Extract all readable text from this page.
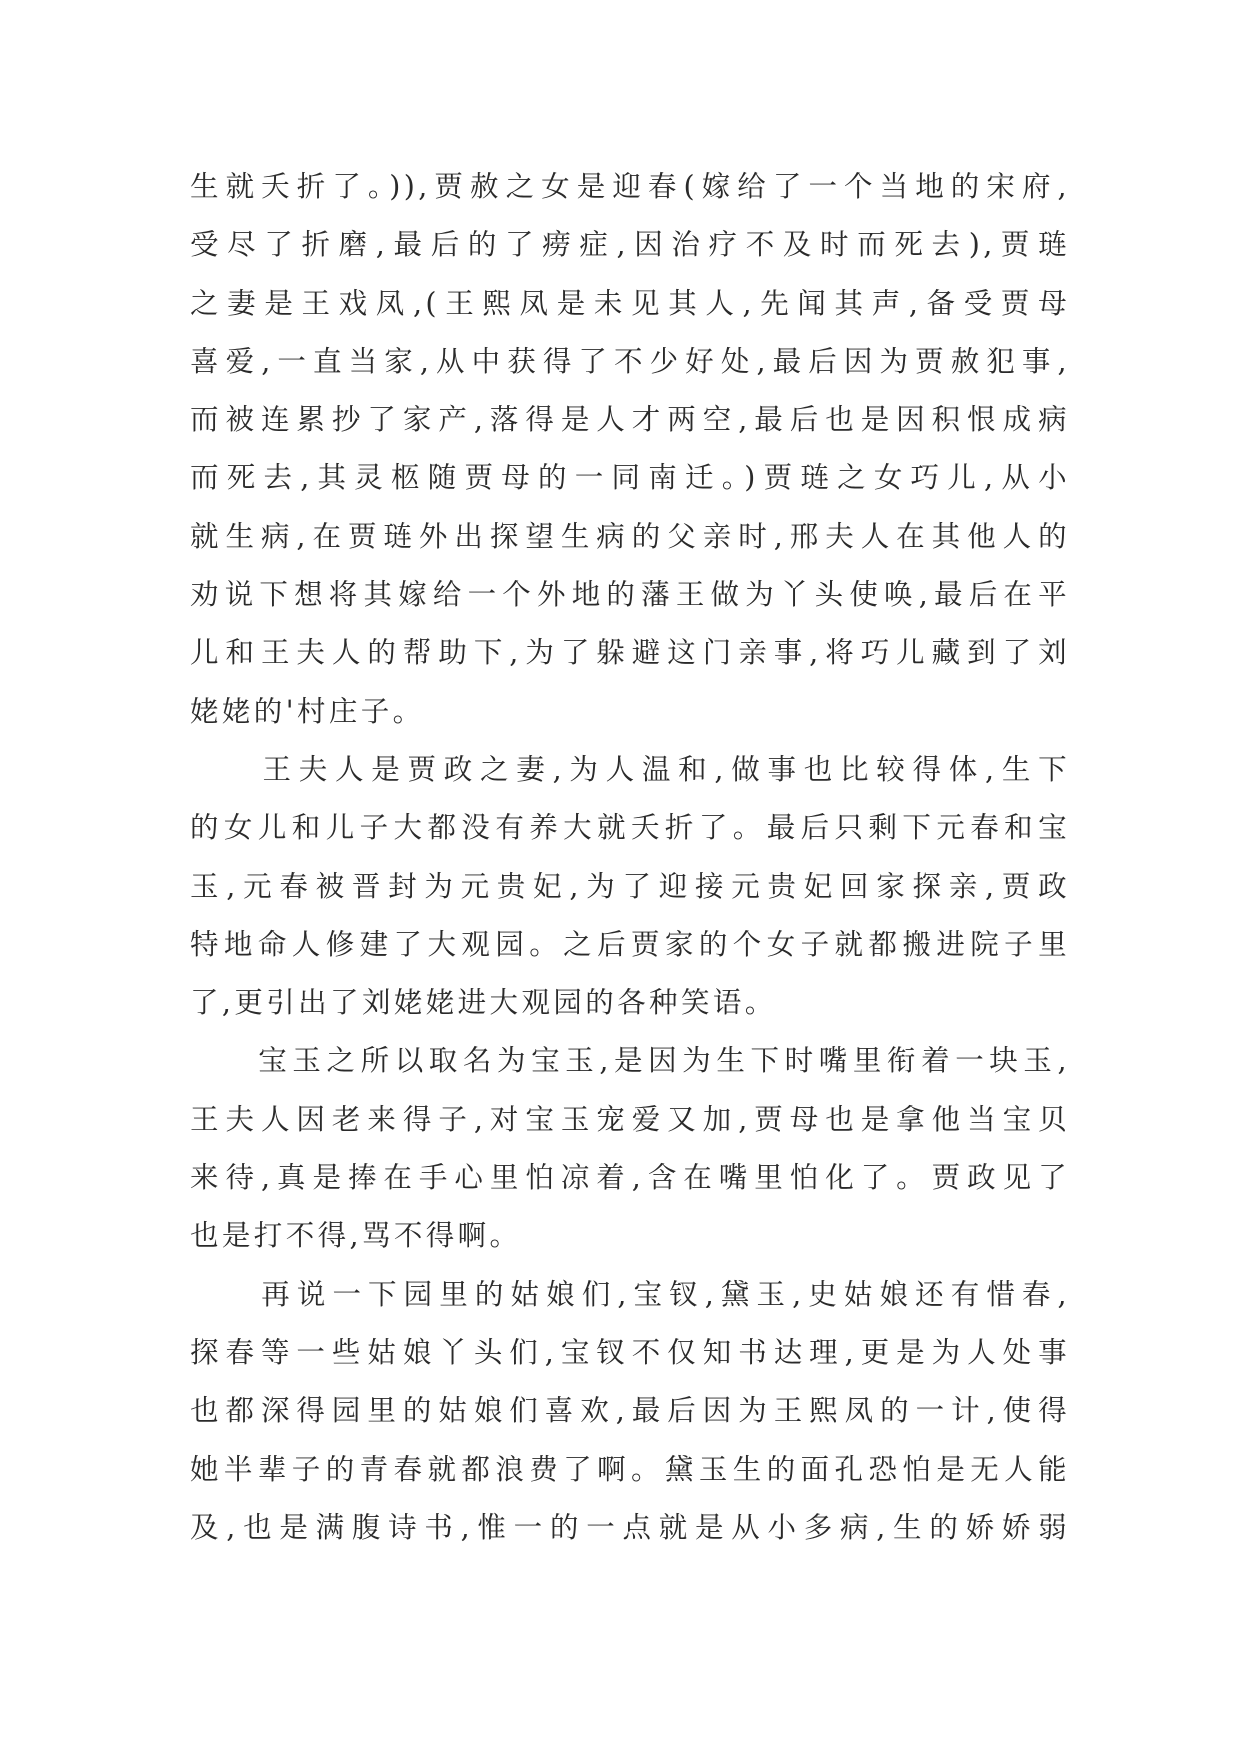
生就夭折了。)),贾赦之女是迎春(嫁给了一个当地的宋府,
受尽了折磨,最后的了痨症,因治疗不及时而死去),贾琏
之妻是王戏凤,(王熙凤是未见其人,先闻其声,备受贾母
喜爱,一直当家,从中获得了不少好处,最后因为贾赦犯事,
而被连累抄了家产,落得是人才两空,最后也是因积恨成病
而死去,其灵柩随贾母的一同南迁。)贾琏之女巧儿,从小
就生病,在贾琏外出探望生病的父亲时,邢夫人在其他人的
劝说下想将其嫁给一个外地的藩王做为丫头使唤,最后在平
儿和王夫人的帮助下,为了躲避这门亲事,将巧儿藏到了刘
姥姥的'村庄子。
　　王夫人是贾政之妻,为人温和,做事也比较得体,生下
的女儿和儿子大都没有养大就夭折了。最后只剩下元春和宝
玉,元春被晋封为元贵妃,为了迎接元贵妃回家探亲,贾政
特地命人修建了大观园。之后贾家的个女子就都搬进院子里
了,更引出了刘姥姥进大观园的各种笑语。
　　宝玉之所以取名为宝玉,是因为生下时嘴里衔着一块玉,
王夫人因老来得子,对宝玉宠爱又加,贾母也是拿他当宝贝
来待,真是捧在手心里怕凉着,含在嘴里怕化了。贾政见了
也是打不得,骂不得啊。
　　再说一下园里的姑娘们,宝钗,黛玉,史姑娘还有惜春,
探春等一些姑娘丫头们,宝钗不仅知书达理,更是为人处事
也都深得园里的姑娘们喜欢,最后因为王熙凤的一计,使得
她半辈子的青春就都浪费了啊。黛玉生的面孔恐怕是无人能
及,也是满腹诗书,惟一的一点就是从小多病,生的娇娇弱
